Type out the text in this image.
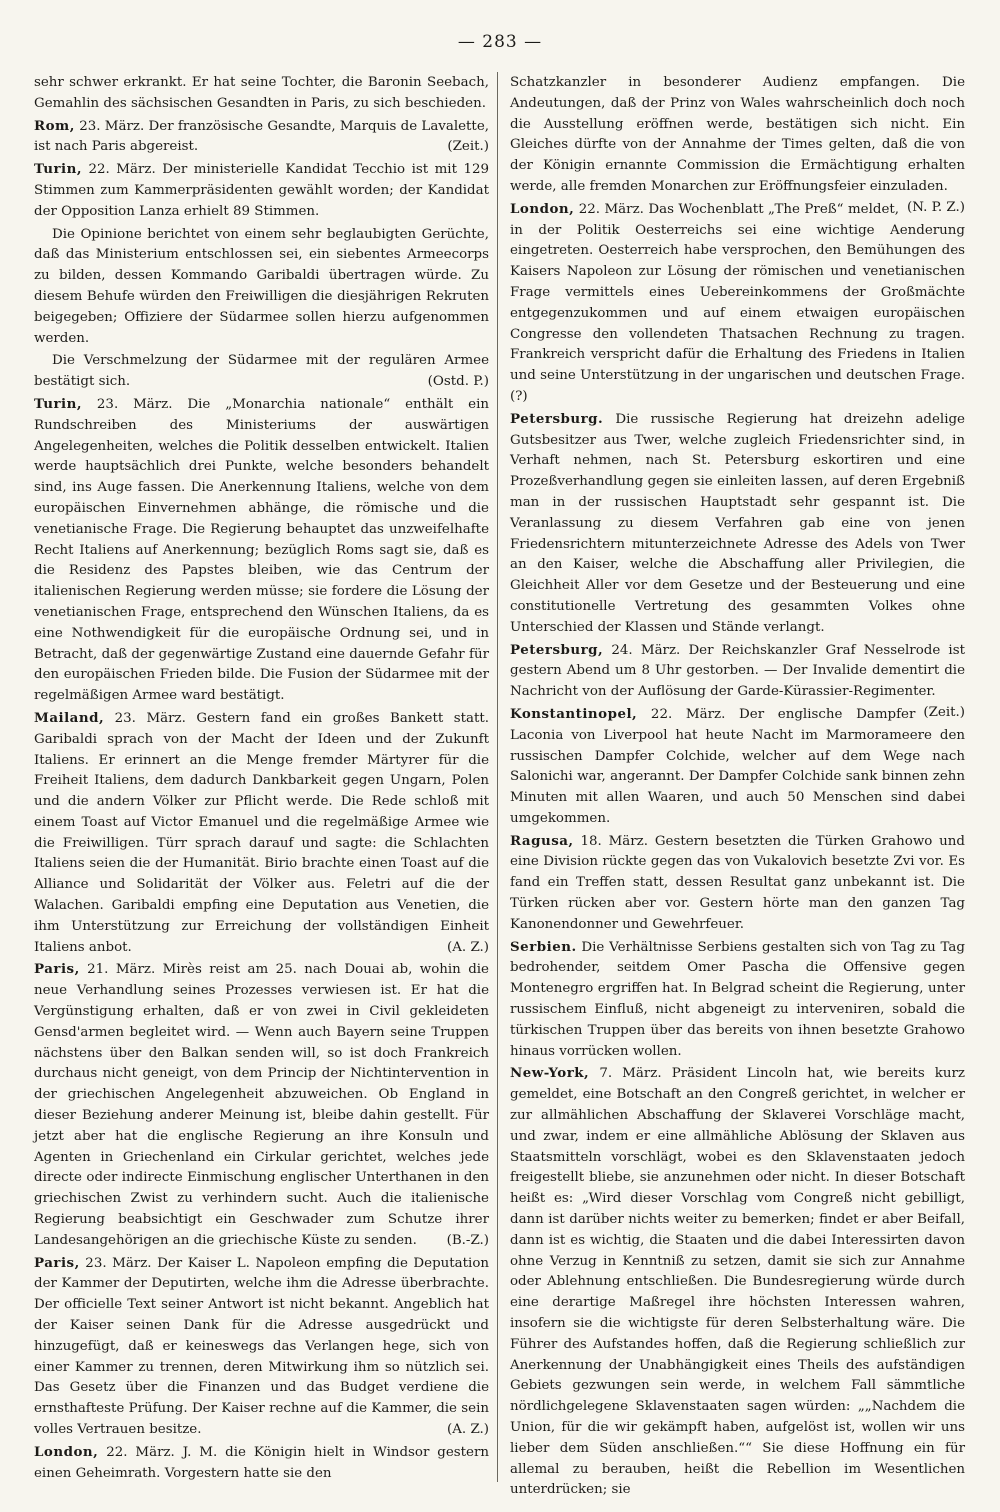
— 283 —

sehr schwer erkrankt. Er hat seine Tochter, die Baronin Seebach, Gemahlin des sächsischen Gesandten in Paris, zu sich beschieden.

Rom, 23. März. Der französische Gesandte, Marquis de Lavalette, ist nach Paris abgereist.	(Zeit.)

Turin, 22. März. Der ministerielle Kandidat Tecchio ist mit 129 Stimmen zum Kammerpräsidenten gewählt worden; der Kandidat der Opposition Lanza erhielt 89 Stimmen.

Die Opinione berichtet von einem sehr beglaubigten Gerüchte, daß das Ministerium entschlossen sei, ein siebentes Armeecorps zu bilden, dessen Kommando Garibaldi übertragen würde. Zu diesem Behufe würden den Freiwilligen die diesjährigen Rekruten beigegeben; Offiziere der Südarmee sollen hierzu aufgenommen werden.

Die Verschmelzung der Südarmee mit der regulären Armee bestätigt sich.	(Ostd. P.)

Turin, 23. März. Die „Monarchia nationale“ enthält ein Rundschreiben des Ministeriums der auswärtigen Angelegenheiten, welches die Politik desselben entwickelt. Italien werde hauptsächlich drei Punkte, welche besonders behandelt sind, ins Auge fassen. Die Anerkennung Italiens, welche von dem europäischen Einvernehmen abhänge, die römische und die venetianische Frage. Die Regierung behauptet das unzweifelhafte Recht Italiens auf Anerkennung; bezüglich Roms sagt sie, daß es die Residenz des Papstes bleiben, wie das Centrum der italienischen Regierung werden müsse; sie fordere die Lösung der venetianischen Frage, entsprechend den Wünschen Italiens, da es eine Nothwendigkeit für die europäische Ordnung sei, und in Betracht, daß der gegenwärtige Zustand eine dauernde Gefahr für den europäischen Frieden bilde. Die Fusion der Südarmee mit der regelmäßigen Armee ward bestätigt.

Mailand, 23. März. Gestern fand ein großes Bankett statt. Garibaldi sprach von der Macht der Ideen und der Zukunft Italiens. Er erinnert an die Menge fremder Märtyrer für die Freiheit Italiens, dem dadurch Dankbarkeit gegen Ungarn, Polen und die andern Völker zur Pflicht werde. Die Rede schloß mit einem Toast auf Victor Emanuel und die regelmäßige Armee wie die Freiwilligen. Türr sprach darauf und sagte: die Schlachten Italiens seien die der Humanität. Birio brachte einen Toast auf die Alliance und Solidarität der Völker aus. Feletri auf die der Walachen. Garibaldi empfing eine Deputation aus Venetien, die ihm Unterstützung zur Erreichung der vollständigen Einheit Italiens anbot.	(A. Z.)

Paris, 21. März. Mirès reist am 25. nach Douai ab, wohin die neue Verhandlung seines Prozesses verwiesen ist. Er hat die Vergünstigung erhalten, daß er von zwei in Civil gekleideten Gensd'armen begleitet wird. — Wenn auch Bayern seine Truppen nächstens über den Balkan senden will, so ist doch Frankreich durchaus nicht geneigt, von dem Princip der Nichtintervention in der griechischen Angelegenheit abzuweichen. Ob England in dieser Beziehung anderer Meinung ist, bleibe dahin gestellt. Für jetzt aber hat die englische Regierung an ihre Konsuln und Agenten in Griechenland ein Cirkular gerichtet, welches jede directe oder indirecte Einmischung englischer Unterthanen in den griechischen Zwist zu verhindern sucht. Auch die italienische Regierung beabsichtigt ein Geschwader zum Schutze ihrer Landesangehörigen an die griechische Küste zu senden.	(B.-Z.)

Paris, 23. März. Der Kaiser L. Napoleon empfing die Deputation der Kammer der Deputirten, welche ihm die Adresse überbrachte. Der officielle Text seiner Antwort ist nicht bekannt. Angeblich hat der Kaiser seinen Dank für die Adresse ausgedrückt und hinzugefügt, daß er keineswegs das Verlangen hege, sich von einer Kammer zu trennen, deren Mitwirkung ihm so nützlich sei. Das Gesetz über die Finanzen und das Budget verdiene die ernsthafteste Prüfung. Der Kaiser rechne auf die Kammer, die sein volles Vertrauen besitze.	(A. Z.)

London, 22. März. J. M. die Königin hielt in Windsor gestern einen Geheimrath. Vorgestern hatte sie den

Schatzkanzler in besonderer Audienz empfangen. Die Andeutungen, daß der Prinz von Wales wahrscheinlich doch noch die Ausstellung eröffnen werde, bestätigen sich nicht. Ein Gleiches dürfte von der Annahme der Times gelten, daß die von der Königin ernannte Commission die Ermächtigung erhalten werde, alle fremden Monarchen zur Eröffnungsfeier einzuladen.
(N. P. Z.)

London, 22. März. Das Wochenblatt „The Preß“ meldet, in der Politik Oesterreichs sei eine wichtige Aenderung eingetreten. Oesterreich habe versprochen, den Bemühungen des Kaisers Napoleon zur Lösung der römischen und venetianischen Frage vermittels eines Uebereinkommens der Großmächte entgegenzukommen und auf einem etwaigen europäischen Congresse den vollendeten Thatsachen Rechnung zu tragen. Frankreich verspricht dafür die Erhaltung des Friedens in Italien und seine Unterstützung in der ungarischen und deutschen Frage. (?)

Petersburg. Die russische Regierung hat dreizehn adelige Gutsbesitzer aus Twer, welche zugleich Friedensrichter sind, in Verhaft nehmen, nach St. Petersburg eskortiren und eine Prozeßverhandlung gegen sie einleiten lassen, auf deren Ergebniß man in der russischen Hauptstadt sehr gespannt ist. Die Veranlassung zu diesem Verfahren gab eine von jenen Friedensrichtern mitunterzeichnete Adresse des Adels von Twer an den Kaiser, welche die Abschaffung aller Privilegien, die Gleichheit Aller vor dem Gesetze und der Besteuerung und eine constitutionelle Vertretung des gesammten Volkes ohne Unterschied der Klassen und Stände verlangt.

Petersburg, 24. März. Der Reichskanzler Graf Nesselrode ist gestern Abend um 8 Uhr gestorben. — Der Invalide dementirt die Nachricht von der Auflösung der Garde-Kürassier-Regimenter.
(Zeit.)

Konstantinopel, 22. März. Der englische Dampfer Laconia von Liverpool hat heute Nacht im Marmorameere den russischen Dampfer Colchide, welcher auf dem Wege nach Salonichi war, angerannt. Der Dampfer Colchide sank binnen zehn Minuten mit allen Waaren, und auch 50 Menschen sind dabei umgekommen.

Ragusa, 18. März. Gestern besetzten die Türken Grahowo und eine Division rückte gegen das von Vukalovich besetzte Zvi vor. Es fand ein Treffen statt, dessen Resultat ganz unbekannt ist. Die Türken rücken aber vor. Gestern hörte man den ganzen Tag Kanonendonner und Gewehrfeuer.

Serbien. Die Verhältnisse Serbiens gestalten sich von Tag zu Tag bedrohender, seitdem Omer Pascha die Offensive gegen Montenegro ergriffen hat. In Belgrad scheint die Regierung, unter russischem Einfluß, nicht abgeneigt zu interveniren, sobald die türkischen Truppen über das bereits von ihnen besetzte Grahowo hinaus vorrücken wollen.

New-York, 7. März. Präsident Lincoln hat, wie bereits kurz gemeldet, eine Botschaft an den Congreß gerichtet, in welcher er zur allmählichen Abschaffung der Sklaverei Vorschläge macht, und zwar, indem er eine allmähliche Ablösung der Sklaven aus Staatsmitteln vorschlägt, wobei es den Sklavenstaaten jedoch freigestellt bliebe, sie anzunehmen oder nicht. In dieser Botschaft heißt es: „Wird dieser Vorschlag vom Congreß nicht gebilligt, dann ist darüber nichts weiter zu bemerken; findet er aber Beifall, dann ist es wichtig, die Staaten und die dabei Interessirten davon ohne Verzug in Kenntniß zu setzen, damit sie sich zur Annahme oder Ablehnung entschließen. Die Bundesregierung würde durch eine derartige Maßregel ihre höchsten Interessen wahren, insofern sie die wichtigste für deren Selbsterhaltung wäre. Die Führer des Aufstandes hoffen, daß die Regierung schließlich zur Anerkennung der Unabhängigkeit eines Theils des aufständigen Gebiets gezwungen sein werde, in welchem Fall sämmtliche nördlichgelegene Sklavenstaaten sagen würden: „„Nachdem die Union, für die wir gekämpft haben, aufgelöst ist, wollen wir uns lieber dem Süden anschließen.““ Sie diese Hoffnung ein für allemal zu berauben, heißt die Rebellion im Wesentlichen unterdrücken; sie
